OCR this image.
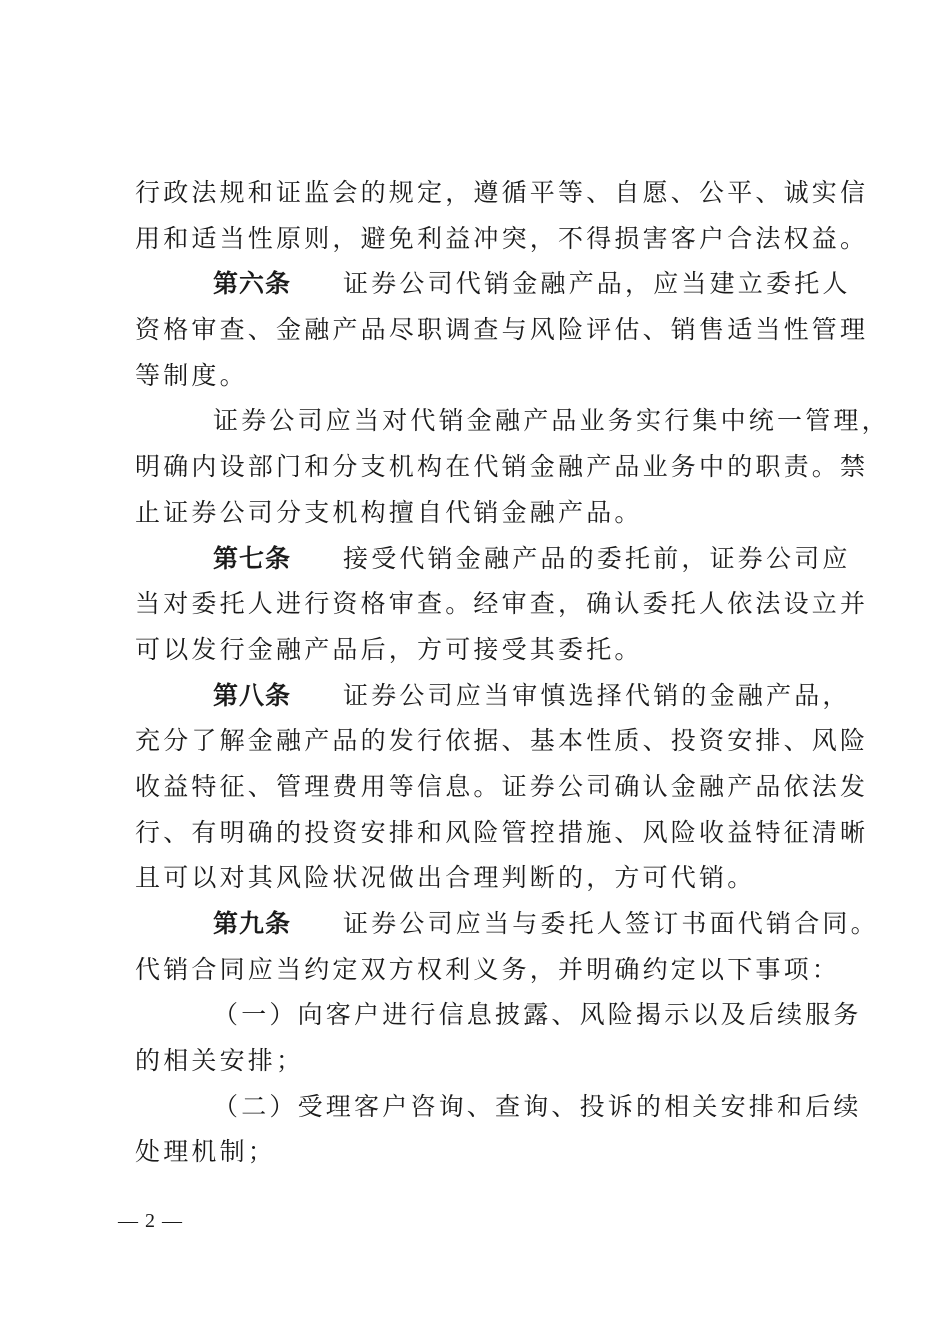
行政法规和证监会的规定，遵循平等、自愿、公平、诚实信
用和适当性原则，避免利益冲突，不得损害客户合法权益。
第六条 证券公司代销金融产品，应当建立委托人
资格审查、金融产品尽职调查与风险评估、销售适当性管理
等制度。
证券公司应当对代销金融产品业务实行集中统一管理，
明确内设部门和分支机构在代销金融产品业务中的职责。禁
止证券公司分支机构擅自代销金融产品。
第七条 接受代销金融产品的委托前，证券公司应
当对委托人进行资格审查。经审查，确认委托人依法设立并
可以发行金融产品后，方可接受其委托。
第八条 证券公司应当审慎选择代销的金融产品，
充分了解金融产品的发行依据、基本性质、投资安排、风险
收益特征、管理费用等信息。证券公司确认金融产品依法发
行、有明确的投资安排和风险管控措施、风险收益特征清晰
且可以对其风险状况做出合理判断的，方可代销。
第九条 证券公司应当与委托人签订书面代销合同。
代销合同应当约定双方权利义务，并明确约定以下事项：
（一）向客户进行信息披露、风险揭示以及后续服务
的相关安排；
（二）受理客户咨询、查询、投诉的相关安排和后续
处理机制；
— 2 —
